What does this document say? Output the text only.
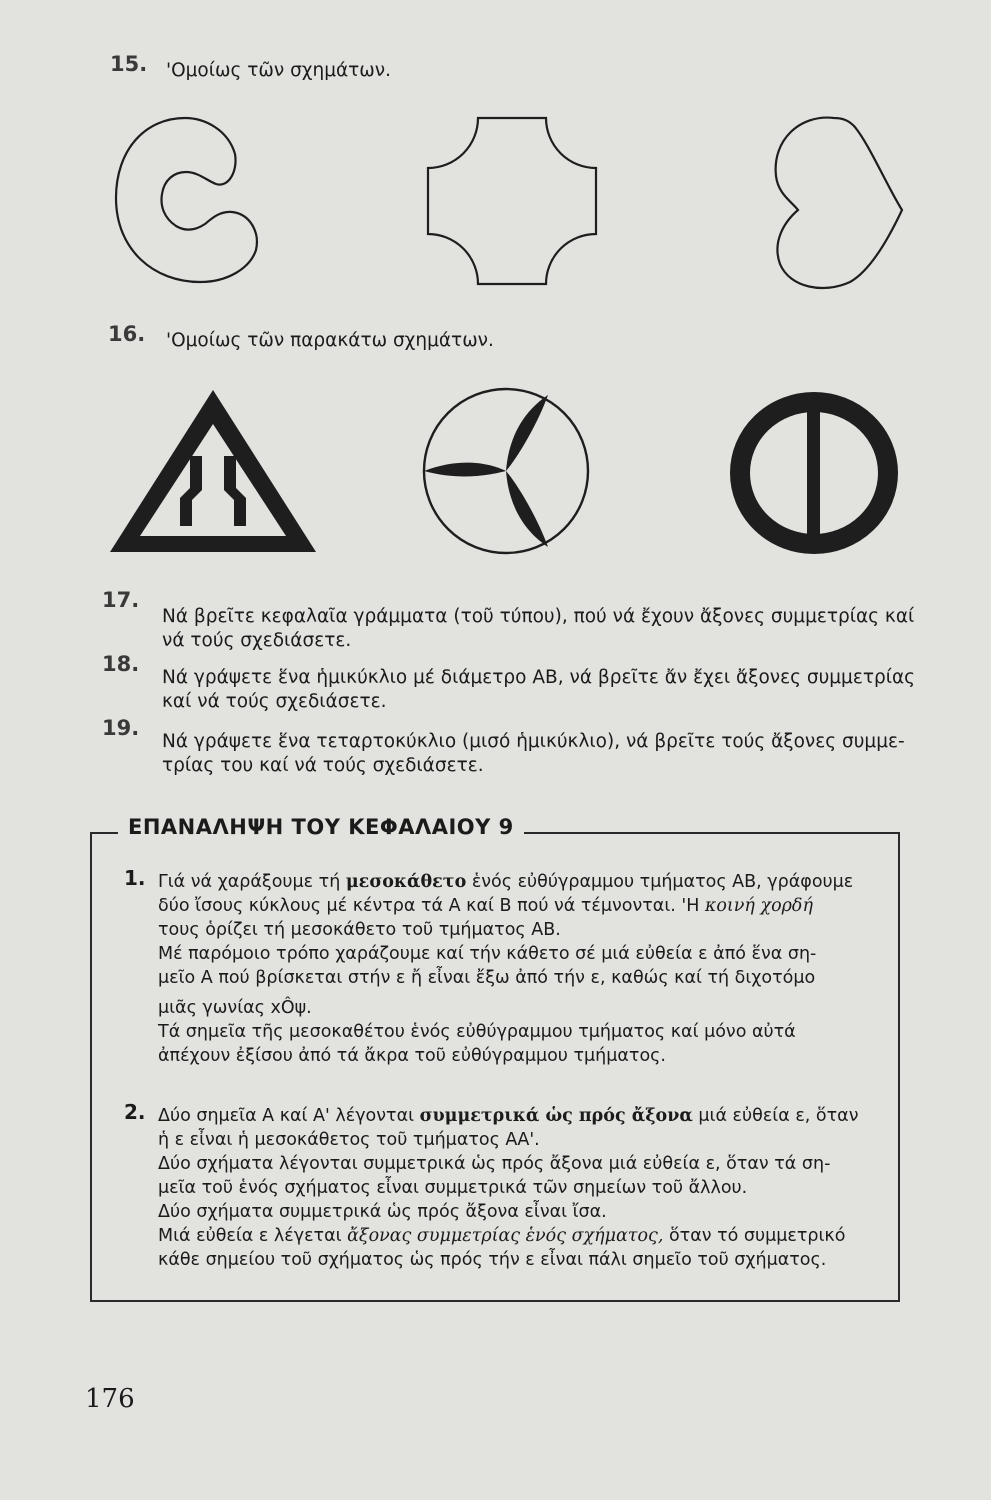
15. 'Ομοίως τῶν σχημάτων.
16. 'Ομοίως τῶν παρακάτω σχημάτων.
17.
Νά βρεῖτε κεφαλαῖα γράμματα (τοῦ τύπου), πού νά ἔχουν ἄξονες συμμετρίας καί
νά τούς σχεδιάσετε.
18.
Νά γράψετε ἕνα ἡμικύκλιο μέ διάμετρο ΑΒ, νά βρεῖτε ἄν ἔχει ἄξονες συμμετρίας
καί νά τούς σχεδιάσετε.
19.
Νά γράψετε ἕνα τεταρτοκύκλιο (μισό ἡμικύκλιο), νά βρεῖτε τούς ἄξονες συμμε-
τρίας του καί νά τούς σχεδιάσετε.
ΕΠΑΝΑΛΗΨΗ ΤΟΥ ΚΕΦΑΛΑΙΟΥ 9
1. Γιά νά χαράξουμε τή μεσοκάθετο ἑνός εὐθύγραμμου τμήματος ΑΒ, γράφουμε
δύο ἴσους κύκλους μέ κέντρα τά Α καί Β πού νά τέμνονται. 'Η κοινή χορδή
τους ὁρίζει τή μεσοκάθετο τοῦ τμήματος ΑΒ.
Μέ παρόμοιο τρόπο χαράζουμε καί τήν κάθετο σέ μιά εὐθεία ε ἀπό ἕνα ση-
μεῖο Α πού βρίσκεται στήν ε ἤ εἶναι ἔξω ἀπό τήν ε, καθώς καί τή διχοτόμο
μιᾶς γωνίας xÔψ.
Τά σημεῖα τῆς μεσοκαθέτου ἑνός εὐθύγραμμου τμήματος καί μόνο αὐτά
ἀπέχουν ἐξίσου ἀπό τά ἄκρα τοῦ εὐθύγραμμου τμήματος.
2. Δύο σημεῖα Α καί Α' λέγονται συμμετρικά ὡς πρός ἄξονα μιά εὐθεία ε, ὅταν
ἡ ε εἶναι ἡ μεσοκάθετος τοῦ τμήματος ΑΑ'.
Δύο σχήματα λέγονται συμμετρικά ὡς πρός ἄξονα μιά εὐθεία ε, ὅταν τά ση-
μεῖα τοῦ ἑνός σχήματος εἶναι συμμετρικά τῶν σημείων τοῦ ἄλλου.
Δύο σχήματα συμμετρικά ὡς πρός ἄξονα εἶναι ἴσα.
Μιά εὐθεία ε λέγεται ἄξονας συμμετρίας ἑνός σχήματος, ὅταν τό συμμετρικό
κάθε σημείου τοῦ σχήματος ὡς πρός τήν ε εἶναι πάλι σημεῖο τοῦ σχήματος.
176
